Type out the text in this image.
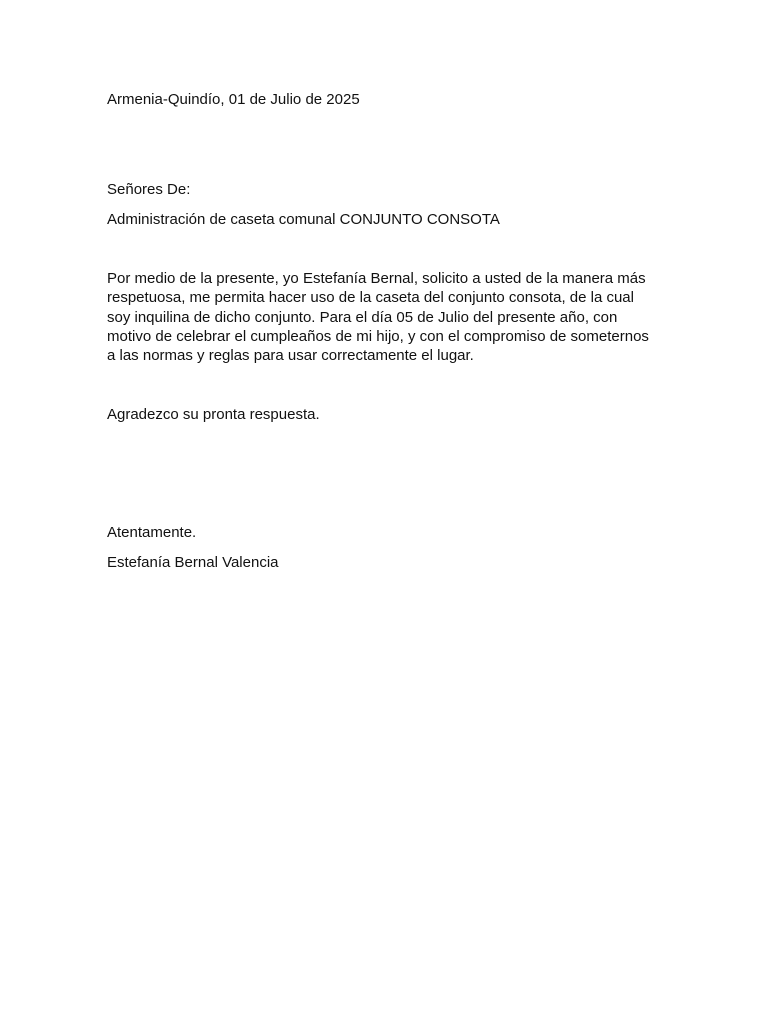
Armenia-Quindío, 01 de Julio de 2025

Señores De:

Administración de caseta comunal CONJUNTO CONSOTA

Por medio de la presente, yo Estefanía Bernal, solicito a usted de la manera más
respetuosa, me permita hacer uso de la caseta del conjunto consota, de la cual
soy inquilina de dicho conjunto. Para el día 05 de Julio del presente año, con
motivo de celebrar el cumpleaños de mi hijo, y con el compromiso de someternos
a las normas y reglas para usar correctamente el lugar.

Agradezco su pronta respuesta.

Atentamente.

Estefanía Bernal Valencia
